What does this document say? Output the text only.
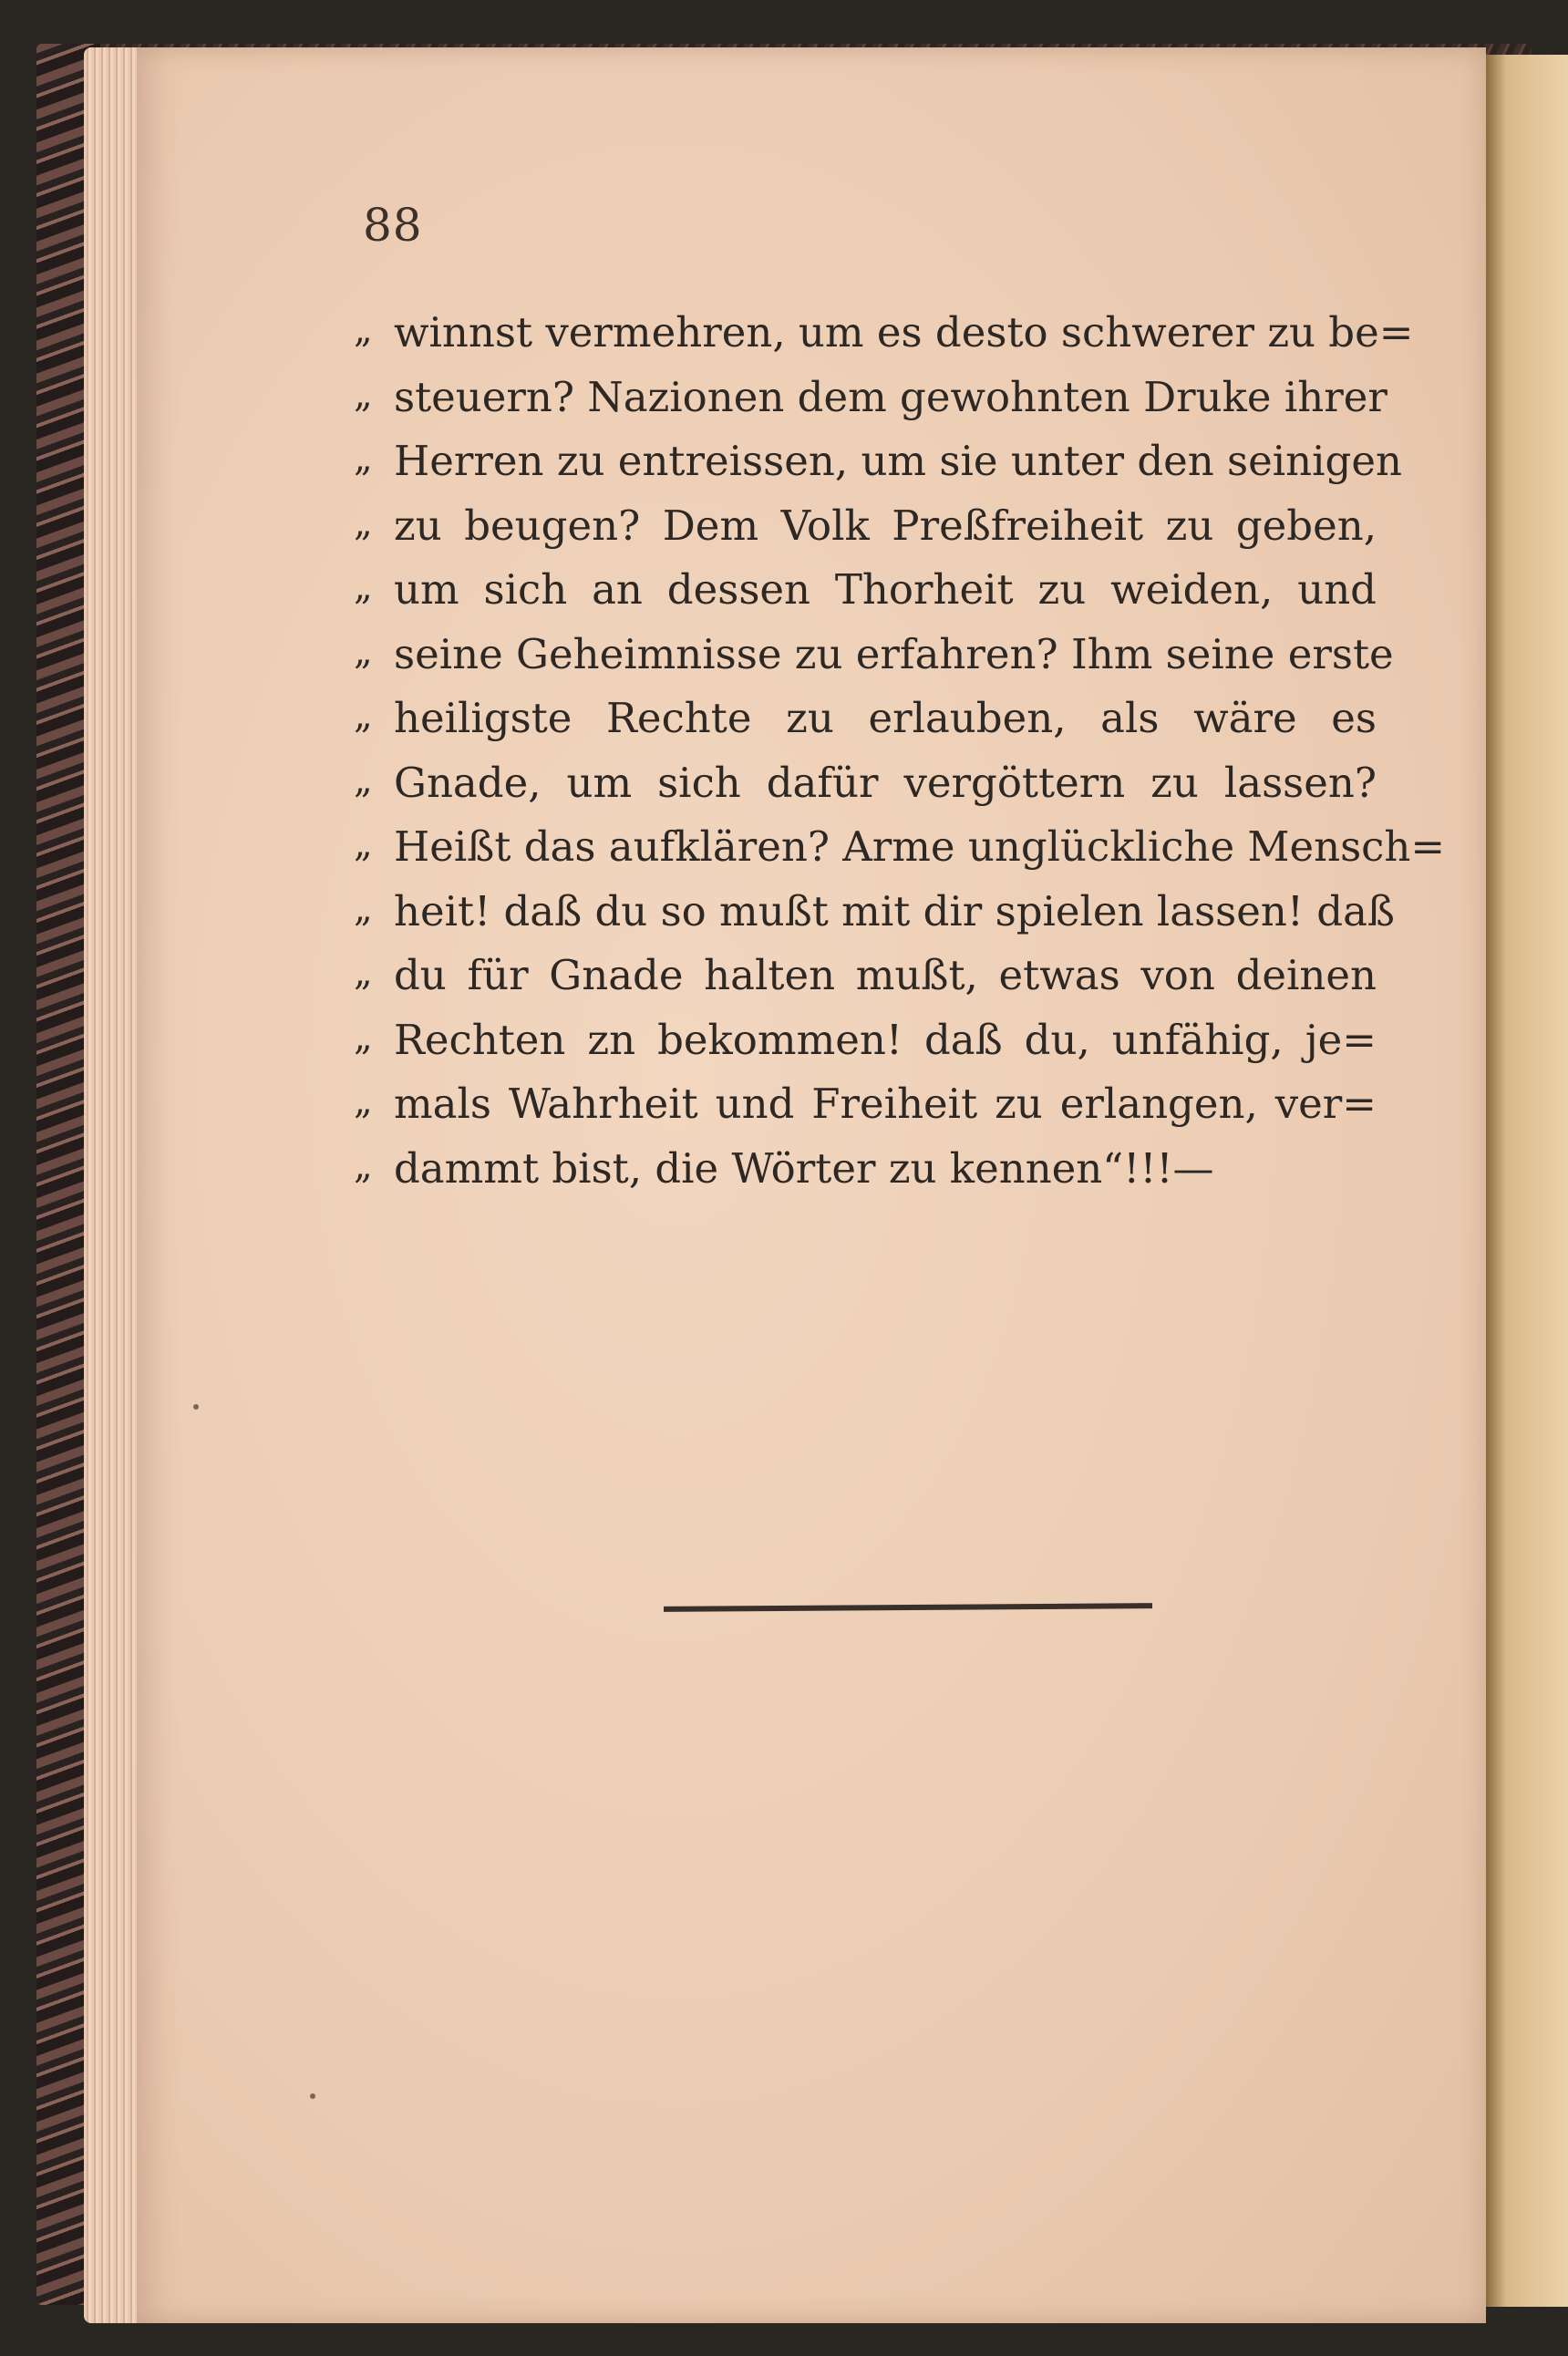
88
„ winnst vermehren, um es desto schwerer zu be=
„ steuern? Nazionen dem gewohnten Druke ihrer
„ Herren zu entreissen, um sie unter den seinigen
„ zu beugen? Dem Volk Preßfreiheit zu geben,
„ um sich an dessen Thorheit zu weiden, und
„ seine Geheimnisse zu erfahren? Ihm seine erste
„ heiligste Rechte zu erlauben, als wäre es
„ Gnade, um sich dafür vergöttern zu lassen?
„ Heißt das aufklären? Arme unglückliche Mensch=
„ heit! daß du so mußt mit dir spielen lassen! daß
„ du für Gnade halten mußt, etwas von deinen
„ Rechten zn bekommen! daß du, unfähig, je=
„ mals Wahrheit und Freiheit zu erlangen, ver=
„ dammt bist, die Wörter zu kennen“!!!—
